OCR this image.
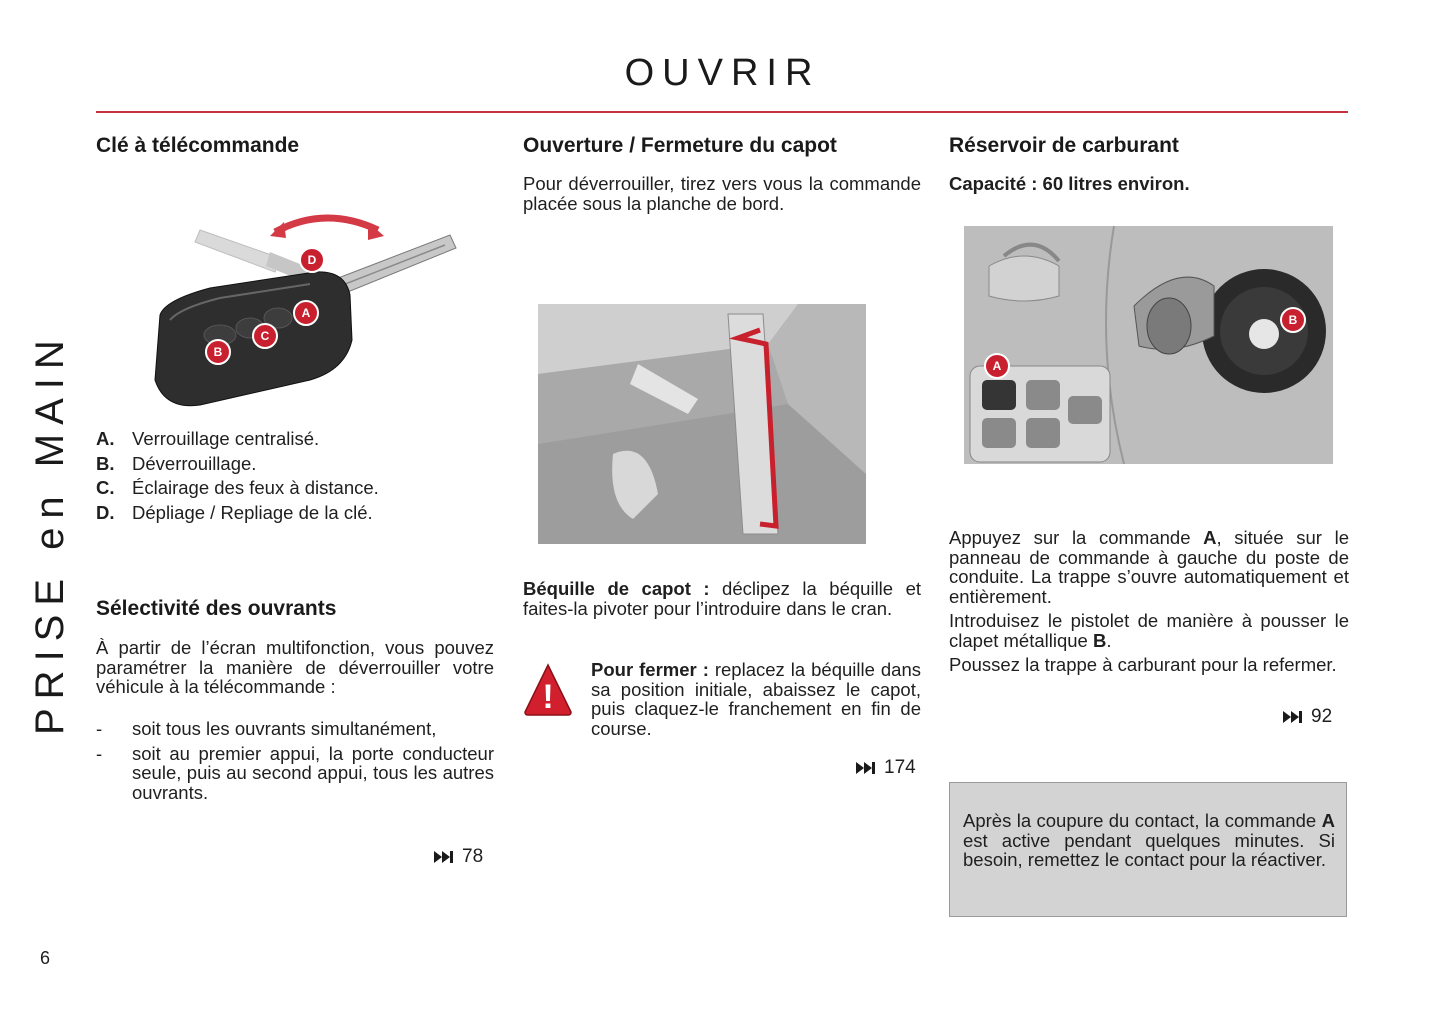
OUVRIR
PRISE en MAIN
6
Clé à télécommande
D
A
C
B
A. Verrouillage centralisé.
B. Déverrouillage.
C. Éclairage des feux à distance.
D. Dépliage / Repliage de la clé.
Sélectivité des ouvrants

À partir de l’écran multifonction, vous pouvez paramétrer la manière de déverrouiller votre véhicule à la télécommande :

-	soit tous les ouvrants simultanément,
-	soit au premier appui, la porte conducteur seule, puis au second appui, tous les autres ouvrants.
78
Ouverture / Fermeture du capot

Pour déverrouiller, tirez vers vous la commande placée sous la planche de bord.

Béquille de capot : déclipez la béquille et faites-la pivoter pour l’introduire dans le cran.

!

Pour fermer : replacez la béquille dans sa position initiale, abaissez le capot, puis claquez-le franchement en fin de course.

174
Réservoir de carburant

Capacité : 60 litres environ.

A
B

Appuyez sur la commande A, située sur le panneau de commande à gauche du poste de conduite. La trappe s’ouvre automatiquement et entièrement.

Introduisez le pistolet de manière à pousser le clapet métallique B.

Poussez la trappe à carburant pour la refermer.

92

Après la coupure du contact, la commande A est active pendant quelques minutes. Si besoin, remettez le contact pour la réactiver.
